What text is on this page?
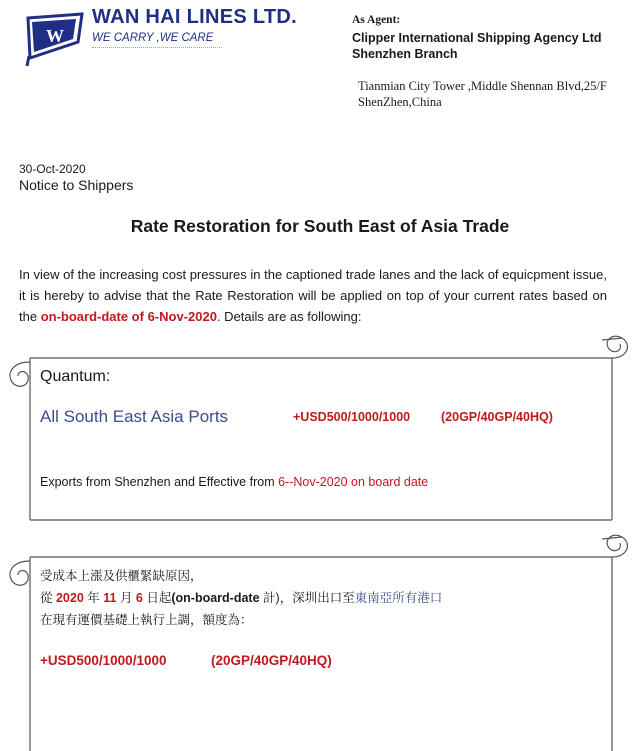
W
WAN HAI LINES LTD.
WE CARRY ,WE CARE
As Agent:
Clipper International Shipping Agency Ltd Shenzhen Branch
Tianmian City Tower ,Middle Shennan Blvd,25/F ShenZhen,China
30-Oct-2020
Notice to Shippers
Rate Restoration for South East of Asia Trade
In view of the increasing cost pressures in the captioned trade lanes and the lack of equicpment issue, it is hereby to advise that the Rate Restoration will be applied on top of your current rates based on the on-board-date of 6-Nov-2020. Details are as following:
Quantum:
All South East Asia Ports	+USD500/1000/1000 (20GP/40GP/40HQ)
Exports from Shenzhen and Effective from 6--Nov-2020 on board date
受成本上漲及供櫃緊缺原因，
從 2020 年 11 月 6 日起(on-board-date 計)，深圳出口至東南亞所有港口
在現有運價基礎上執行上調，額度為：
+USD500/1000/1000	(20GP/40GP/40HQ)
